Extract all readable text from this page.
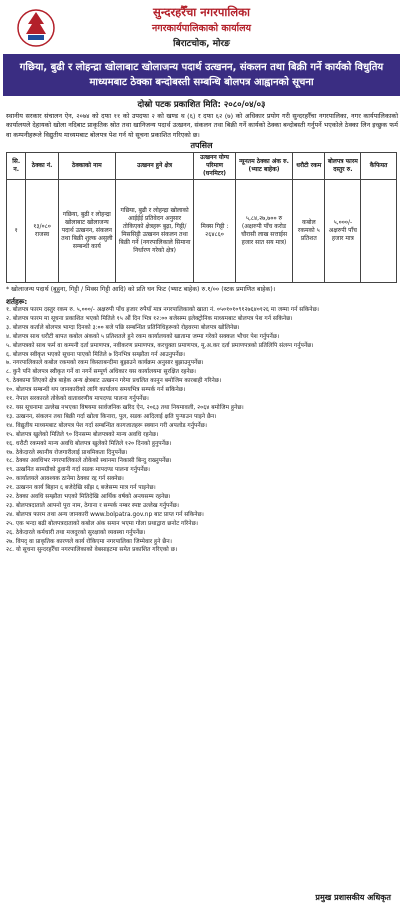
सुन्दरहरैँचा नगरपालिका
नगरकार्यपालिकाको कार्यालय
बिराटचोक, मोरङ
गछिया, बुढी र लोहन्द्रा खोलाबाट खोलाजन्य पदार्थ उत्खनन, संकलन तथा बिक्री गर्ने कार्यको विधुतिय
माध्यमबाट ठेक्का बन्दोबस्ती सम्बन्धि बोलपत्र आह्वानको सूचना
दोस्रो पटक प्रकाशित मिति: २०८०/०४/०३
स्थानीय सरकार संचालन ऐन, २०७४ को दफा ११ को उपदफा २ को खण्ड थ (६) र दफा ६२ (७) को अधिकार प्रयोग गरी सुन्दरहरैँचा नगरपालिका, नगर कार्यपालिकाको कार्यालयले देहायको खोला नदिबाट प्राकृतिक स्रोत तथा खानिजन्य पदार्थ उत्खनन, संकलन तथा बिक्री गर्ने कार्यको ठेक्का बन्दोबस्ती गर्नुपर्ने भएकोले ठेक्का लिन इच्छुक फर्म वा कम्पनीहरूले विद्युतीय माध्यमबाट बोलपत्र पेश गर्न यो सूचना प्रकाशित गरिएको छ।
तपसिल
सि. न.	ठेक्का नं.	ठेक्काको नाम	उत्खनन हुने क्षेत्र	उत्खनन योग्य परिमाण (घनमिटर)	न्यूनतम ठेक्का अंक रु. (भ्याट बाहेक)	धरौटी रकम	बोलपत्र फारम दस्तुर रु.	कैफियत
१	१३/०८० राजस्व	गछिया, बुढी र लोहन्द्रा खोलाबाट खोलाजन्य पदार्थ उत्खनन, संकलन तथा बिक्री शुल्क असुली सम्बन्धी कार्य	गछिया, बुढी र लोहन्द्रा खोलाको आईईई प्रतिवेदन अनुसार तोकिएको क्षेत्रहरू बुढ़ा, गिट्टी/मिससिट्टी उत्खनन संकलन तथा बिक्री गर्ने (नगरपालिकाले सिमाना निर्धारण गरेको क्षेत्र)	मिक्स गिट्टी : २६४८६०	५,८४,२७,७०० रु (अक्षरुपी पाँच करोड चौरासी लाख सत्ताईस हजार सात सय मात्र)	कबोल रकमको ५ प्रतिशत	५,०००/- अक्षरुपी पाँच हजार मात्र	
* खोलाजन्य पदार्थ (बुहुना, गिट्टी / मिक्स गिट्टी आदि) को प्रति घन फिट (भ्याट बाहेक) रु.१/०० (स्टक प्रमाणित बाहेक)।
शर्तहरू:

१. बोलपत्र फारम दस्तुर रकम रु. ५,०००/- अक्षरुपी पाँच हजार रुपैयाँ मात्र नगरपालिकाको खाता नं. ०५०१०१०९१२७६४०१२६ मा जम्मा गर्न सकिनेछ।

२. बोलपत्र फारम मा सूचना प्रकाशित भएको मितिले १५ औं दिन भित्र १२:०० बजेसम्म इलेक्ट्रोनिक माध्यमबाट बोलपत्र पेश गर्न सकिनेछ।

३. बोलपत्र कर्ताले बोलपत्र भाग्दा दिनको ३:०० बजे पछि सम्बन्धित प्रतिनिधिहरूको रोहवरमा बोलपत्र खोलिनेछ।

४. बोलपत्र साथ धरौटी बापत कबोल अंकको ५ प्रतिशतले हुने रकम कार्यालयको खातामा जम्मा गरेको सक्कल भौचर पेश गर्नुपर्नेछ।

५. बोलपत्रको साथ फर्म वा कम्पनी दर्ता प्रमाणपत्र, नवीकरण प्रमाणपत्र, करचुक्ता प्रमाणपत्र, मू.अ.कर दर्ता प्रमाणपत्रको प्रतिलिपि संलग्न गर्नुपर्नेछ।

६. बोलपत्र स्वीकृत भएको सूचना पाएको मितिले ७ दिनभित्र सम्झौता गर्न आउनुपर्नेछ।

७. नगरपालिकाले कबोल रकमको रकम किस्ताबन्दीमा बुझाउने कार्यक्रम अनुसार बुझाउनुपर्नेछ।

८. कुनै पनि बोलपत्र स्वीकृत गर्ने वा नगर्ने सम्पूर्ण अधिकार यस कार्यालयमा सुरक्षित रहनेछ।

९. ठेक्कामा लिएको क्षेत्र बाहेक अन्य क्षेत्रबाट उत्खनन गरेमा प्रचलित कानुन बमोजिम कारबाही गरिनेछ।

१०. बोलपत्र सम्बन्धी थप जानकारीको लागि कार्यालय समयभित्र सम्पर्क गर्न सकिनेछ।

११. नेपाल सरकारले तोकेको वातावरणीय मापदण्ड पालना गर्नुपर्नेछ।

१२. यस सूचनामा उल्लेख नभएका विषयमा सार्वजनिक खरिद ऐन, २०६३ तथा नियमावली, २०६४ बमोजिम हुनेछ।

१३. उत्खनन, संकलन तथा बिक्री गर्दा खोला किनारा, पुल, सडक आदिलाई क्षति पुर्‍याउन पाइने छैन।

१४. विद्युतीय माध्यमबाट बोलपत्र पेश गर्दा सम्बन्धित कागजातहरू स्क्यान गरी अपलोड गर्नुपर्नेछ।

१५. बोलपत्र खुलेको मितिले ९० दिनसम्म बोलपत्रको मान्य अवधि रहनेछ।

१६. धरौटी रकमको मान्य अवधि बोलपत्र खुलेको मितिले १२० दिनको हुनुपर्नेछ।

१७. ठेकेदारले स्थानीय रोजगारीलाई प्राथमिकता दिनुपर्नेछ।

१८. ठेक्का अवधिभर नगरपालिकाले तोकेको स्थानमा निकासी बिन्दु राख्नुपर्नेछ।

१९. उत्खनित सामग्रीको ढुवानी गर्दा सडक मापदण्ड पालना गर्नुपर्नेछ।

२०. कार्यालयले आवश्यक ठानेमा ठेक्का रद्द गर्न सक्नेछ।

२१. उत्खनन कार्य बिहान ६ बजेदेखि साँझ ६ बजेसम्म मात्र गर्न पाइनेछ।

२२. ठेक्का अवधि सम्झौता भएको मितिदेखि आर्थिक वर्षको अन्त्यसम्म रहनेछ।

२३. बोलपत्रदाताले आफ्नो पूरा नाम, ठेगाना र सम्पर्क नम्बर स्पष्ट उल्लेख गर्नुपर्नेछ।

२४. बोलपत्र फारम तथा अन्य जानकारी www.bolpatra.gov.np बाट प्राप्त गर्न सकिनेछ।

२५. एक भन्दा बढी बोलपत्रदाताको कबोल अंक समान भएमा गोला प्रथाद्वारा छनोट गरिनेछ।

२६. ठेकेदारले कर्मचारी तथा मजदुरको सुरक्षाको व्यवस्था गर्नुपर्नेछ।

२७. विपद् वा प्राकृतिक कारणले कार्य रोकिएमा नगरपालिका जिम्मेवार हुने छैन।

२८. यो सूचना सुन्दरहरैँचा नगरपालिकाको वेबसाइटमा समेत प्रकाशित गरिएको छ।

प्रमुख प्रशासकीय अधिकृत
